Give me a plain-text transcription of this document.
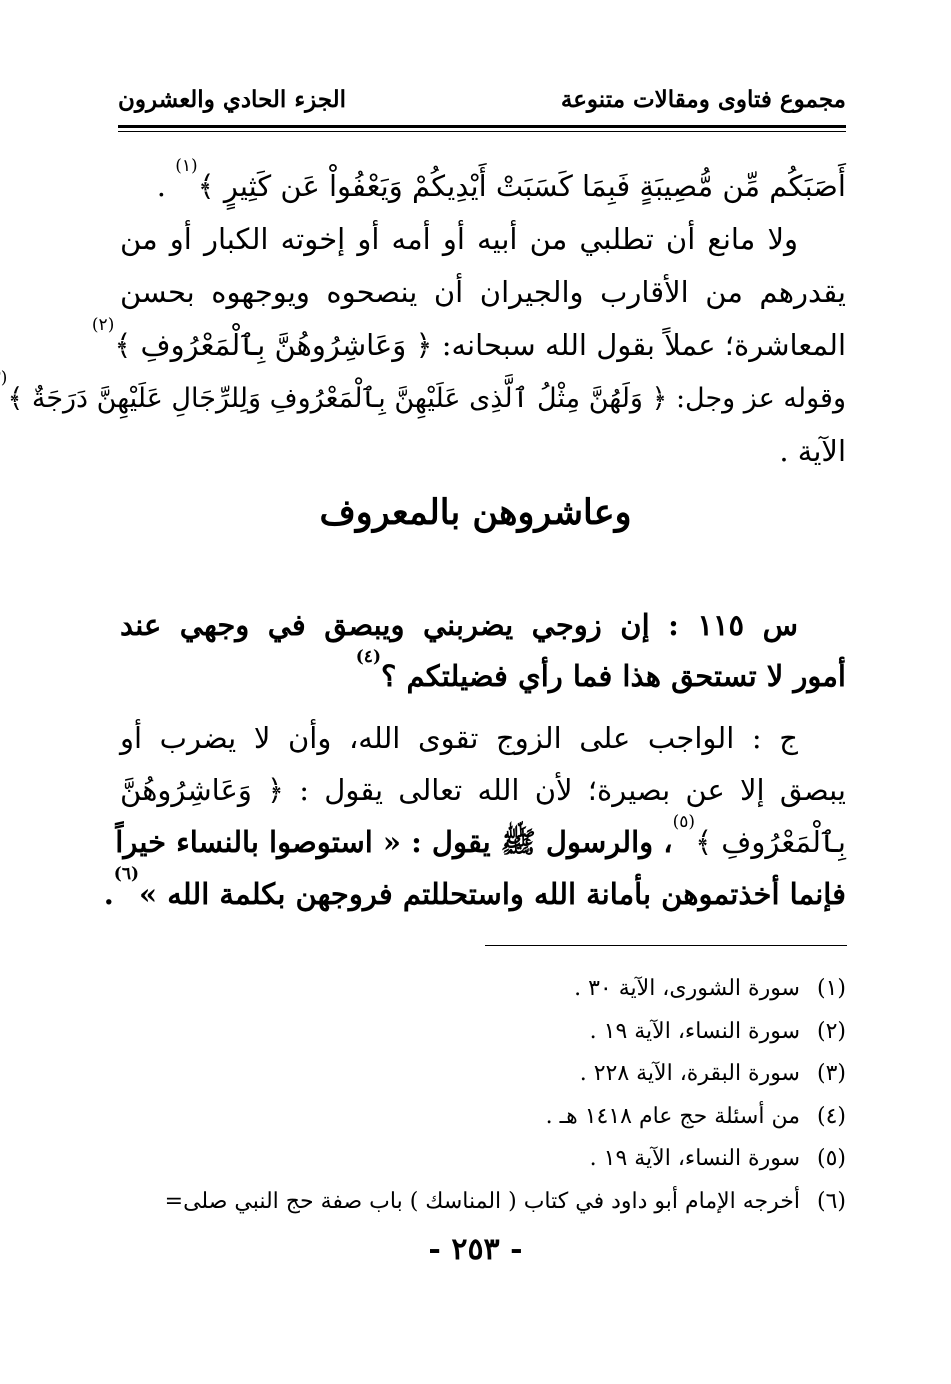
مجموع فتاوى ومقالات متنوعة
الجزء الحادي والعشرون
أَصَبَكُم مِّن مُّصِيبَةٍ فَبِمَا كَسَبَتْ أَيْدِيكُمْ وَيَعْفُواْ عَن كَثِيرٍ ﴾$^{(١)}$ .
ولا مانع أن تطلبي من أبيه أو أمه أو إخوته الكبار أو من
يقدرهم من الأقارب والجيران أن ينصحوه ويوجهوه بحسن
المعاشرة؛ عملاً بقول الله سبحانه: ﴿ وَعَاشِرُوهُنَّ بِٱلْمَعْرُوفِ ﴾$^{(٢)}$
وقوله عز وجل: ﴿ وَلَهُنَّ مِثْلُ ٱلَّذِى عَلَيْهِنَّ بِٱلْمَعْرُوفِ وَلِلرِّجَالِ عَلَيْهِنَّ دَرَجَةٌ ﴾(
الآية .
وعاشروهن بالمعروف
س ١١٥ : إن زوجي يضربني ويبصق في وجهي عند
أمور لا تستحق هذا فما رأي فضيلتكم ؟$^{(٤)}$
ج : الواجب على الزوج تقوى الله، وأن لا يضرب أو
يبصق إلا عن بصيرة؛ لأن الله تعالى يقول : ﴿ وَعَاشِرُوهُنَّ
بِٱلْمَعْرُوفِ ﴾$^{(٥)}$، والرسول ﷺ يقول : « استوصوا بالنساء خيراً
فإنما أخذتموهن بأمانة الله واستحللتم فروجهن بكلمة الله »$^{(٦)}$.
(١)سورة الشورى، الآية ٣٠ .
(٢)سورة النساء، الآية ١٩ .
(٣)سورة البقرة، الآية ٢٢٨ .
(٤)من أسئلة حج عام ١٤١٨ هـ .
(٥)سورة النساء، الآية ١٩ .
(٦)أخرجه الإمام أبو داود في كتاب ( المناسك ) باب صفة حج النبي صلى=
- ٢٥٣ -
